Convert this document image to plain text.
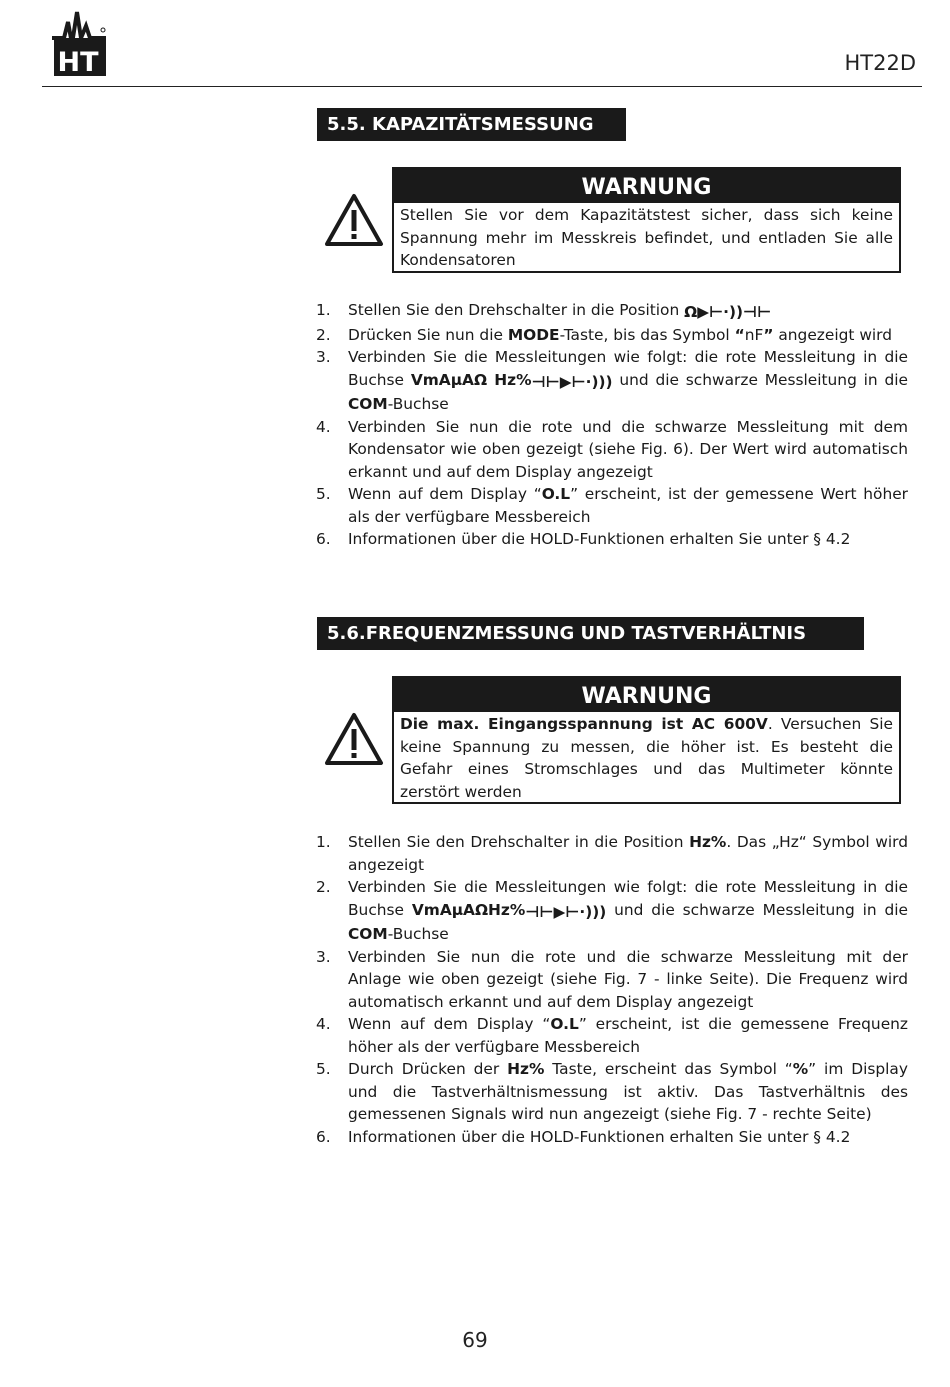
HT	HT22D
5.5. KAPAZITÄTSMESSUNG
WARNUNG
Stellen Sie vor dem Kapazitätstest sicher, dass sich keine Spannung mehr im Messkreis befindet, und entladen Sie alle Kondensatoren
1. Stellen Sie den Drehschalter in die Position Ω▶⊢·))⊣⊢
2. Drücken Sie nun die MODE-Taste, bis das Symbol “nF” angezeigt wird
3. Verbinden Sie die Messleitungen wie folgt: die rote Messleitung in die Buchse VmAµAΩ Hz%⊣⊢▶⊢·))) und die schwarze Messleitung in die COM-Buchse
4. Verbinden Sie nun die rote und die schwarze Messleitung mit dem Kondensator wie oben gezeigt (siehe Fig. 6). Der Wert wird automatisch erkannt und auf dem Display angezeigt
5. Wenn auf dem Display “O.L” erscheint, ist der gemessene Wert höher als der verfügbare Messbereich
6. Informationen über die HOLD-Funktionen erhalten Sie unter § 4.2
5.6.FREQUENZMESSUNG UND TASTVERHÄLTNIS
WARNUNG
Die max. Eingangsspannung ist AC 600V. Versuchen Sie keine Spannung zu messen, die höher ist. Es besteht die Gefahr eines Stromschlages und das Multimeter könnte zerstört werden
1. Stellen Sie den Drehschalter in die Position Hz%. Das „Hz“ Symbol wird angezeigt
2. Verbinden Sie die Messleitungen wie folgt: die rote Messleitung in die Buchse VmAµAΩHz%⊣⊢▶⊢·))) und die schwarze Messleitung in die COM-Buchse
3. Verbinden Sie nun die rote und die schwarze Messleitung mit der Anlage wie oben gezeigt (siehe Fig. 7 - linke Seite). Die Frequenz wird automatisch erkannt und auf dem Display angezeigt
4. Wenn auf dem Display “O.L” erscheint, ist die gemessene Frequenz höher als der verfügbare Messbereich
5. Durch Drücken der Hz% Taste, erscheint das Symbol “%” im Display und die Tastverhältnismessung ist aktiv. Das Tastverhältnis des gemessenen Signals wird nun angezeigt (siehe Fig. 7 - rechte Seite)
6. Informationen über die HOLD-Funktionen erhalten Sie unter § 4.2
69
